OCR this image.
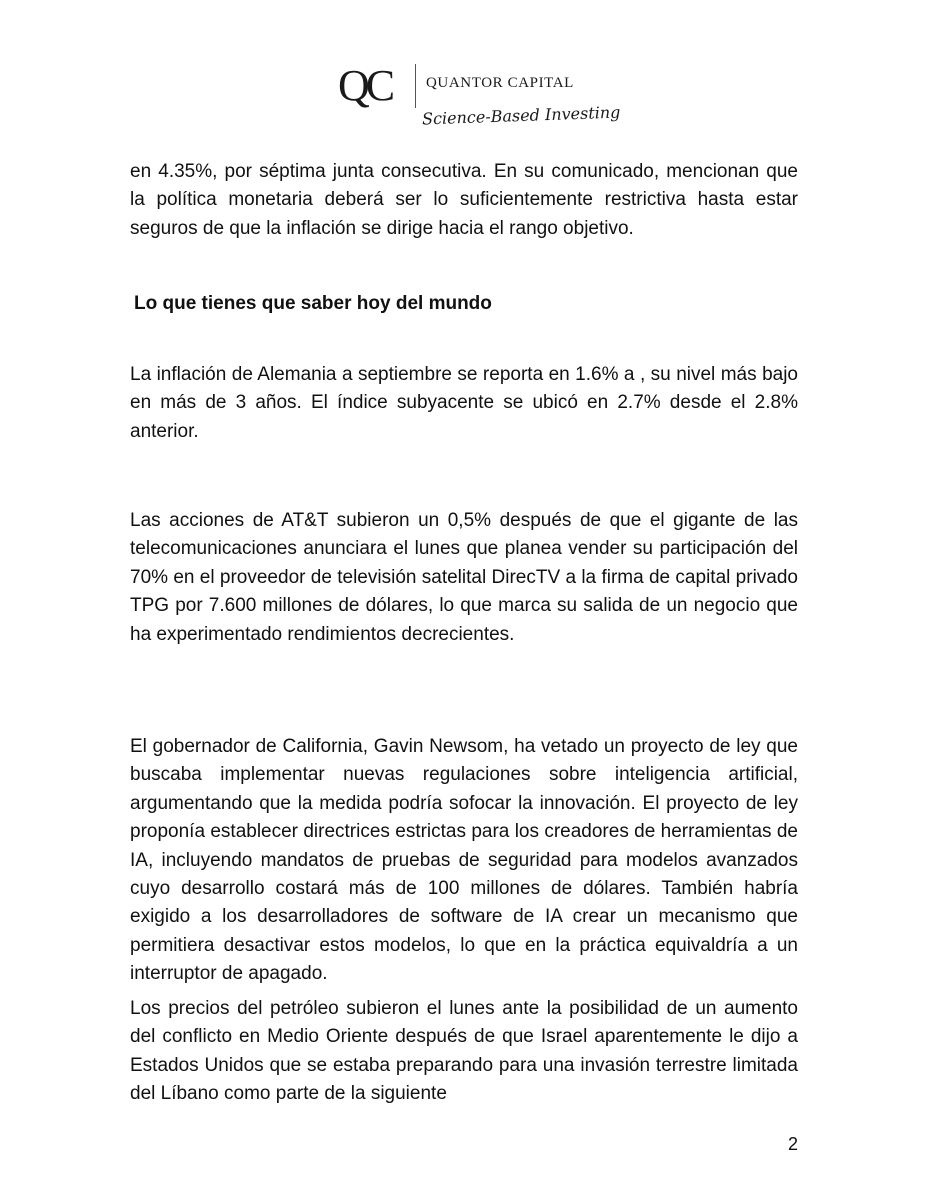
QC QUANTOR CAPITAL
Science-Based Investing

en 4.35%, por séptima junta consecutiva. En su comunicado, mencionan que la política monetaria deberá ser lo suficientemente restrictiva hasta estar seguros de que la inflación se dirige hacia el rango objetivo.

Lo que tienes que saber hoy del mundo

La inflación de Alemania a septiembre se reporta en 1.6% a , su nivel más bajo en más de 3 años. El índice subyacente se ubicó en 2.7% desde el 2.8% anterior.

Las acciones de AT&T subieron un 0,5% después de que el gigante de las telecomunicaciones anunciara el lunes que planea vender su participación del 70% en el proveedor de televisión satelital DirecTV a la firma de capital privado TPG por 7.600 millones de dólares, lo que marca su salida de un negocio que ha experimentado rendimientos decrecientes.

El gobernador de California, Gavin Newsom, ha vetado un proyecto de ley que buscaba implementar nuevas regulaciones sobre inteligencia artificial, argumentando que la medida podría sofocar la innovación. El proyecto de ley proponía establecer directrices estrictas para los creadores de herramientas de IA, incluyendo mandatos de pruebas de seguridad para modelos avanzados cuyo desarrollo costará más de 100 millones de dólares. También habría exigido a los desarrolladores de software de IA crear un mecanismo que permitiera desactivar estos modelos, lo que en la práctica equivaldría a un interruptor de apagado.

Los precios del petróleo subieron el lunes ante la posibilidad de un aumento del conflicto en Medio Oriente después de que Israel aparentemente le dijo a Estados Unidos que se estaba preparando para una invasión terrestre limitada del Líbano como parte de la siguiente

2
